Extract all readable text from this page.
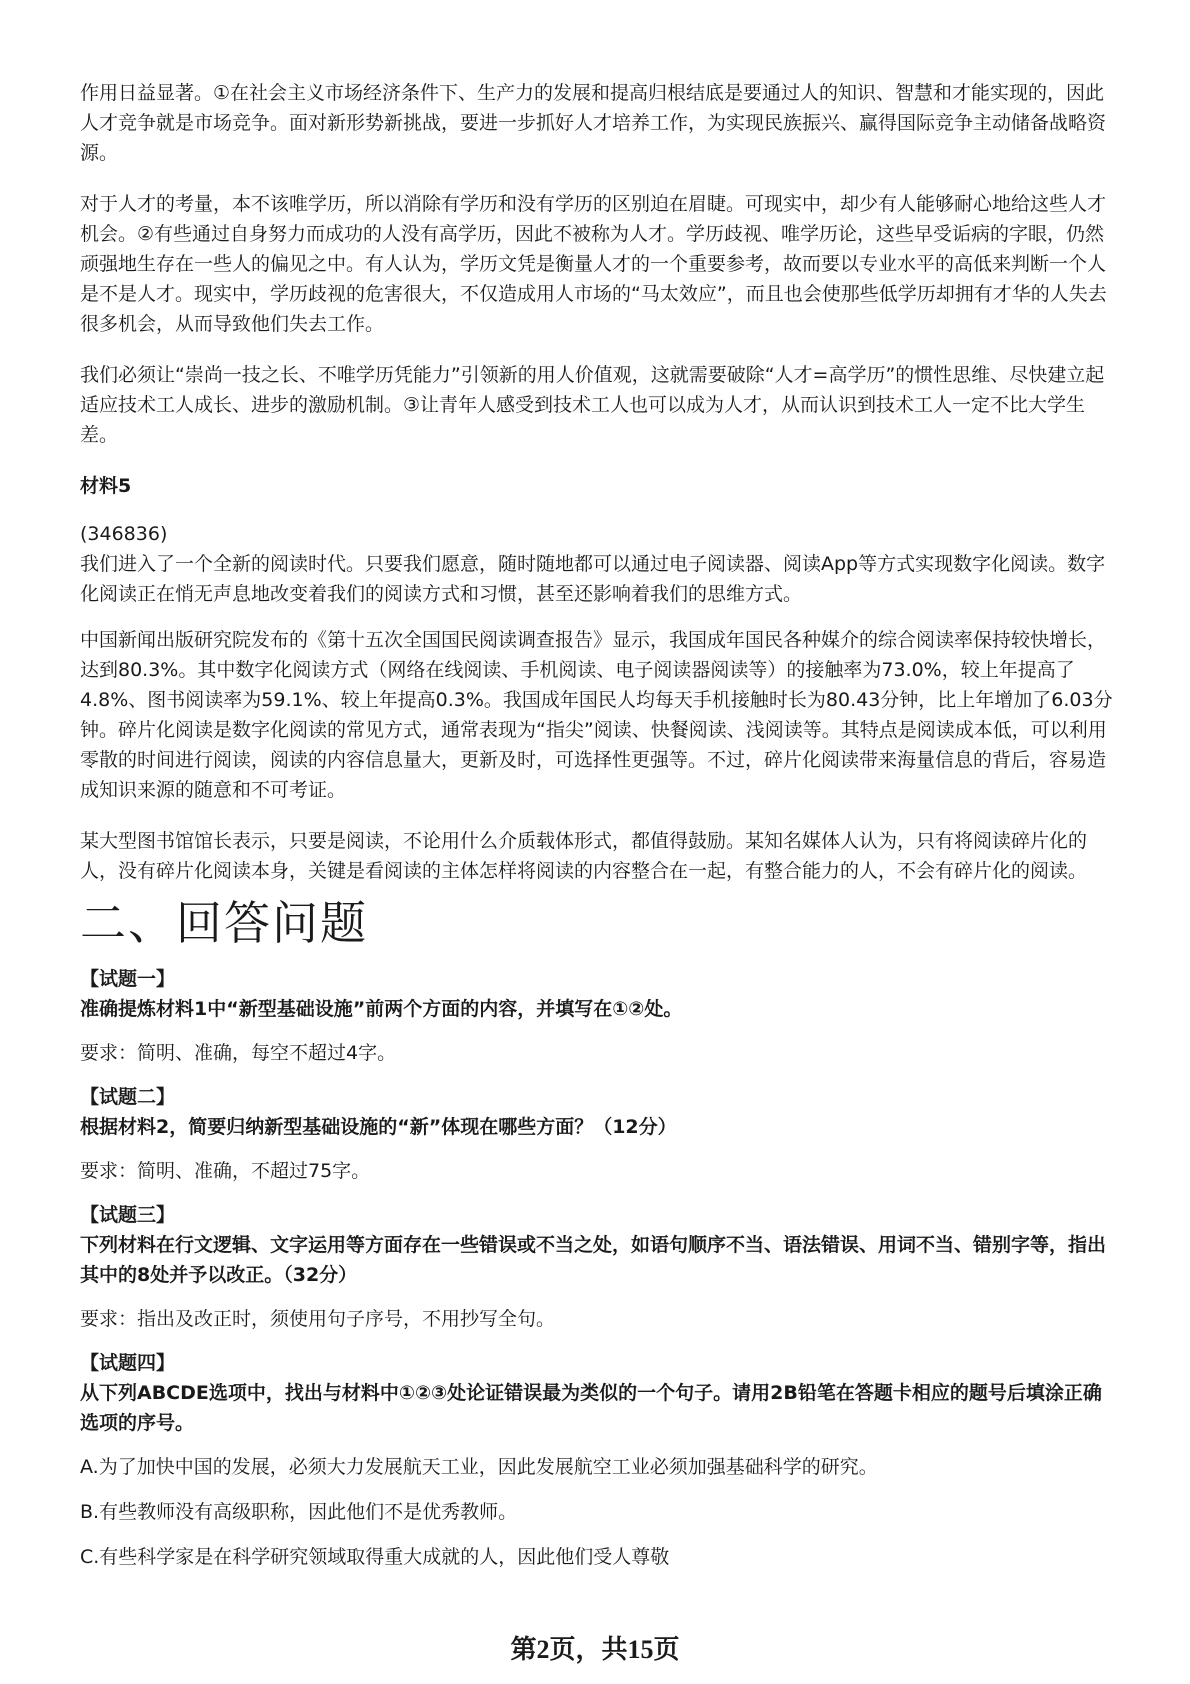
作用日益显著。①在社会主义市场经济条件下、生产力的发展和提高归根结底是要通过人的知识、智慧和才能实现的，因此人才竞争就是市场竞争。面对新形势新挑战，要进一步抓好人才培养工作，为实现民族振兴、赢得国际竞争主动储备战略资源。

对于人才的考量，本不该唯学历，所以消除有学历和没有学历的区别迫在眉睫。可现实中，却少有人能够耐心地给这些人才机会。②有些通过自身努力而成功的人没有高学历，因此不被称为人才。学历歧视、唯学历论，这些早受诟病的字眼，仍然顽强地生存在一些人的偏见之中。有人认为，学历文凭是衡量人才的一个重要参考，故而要以专业水平的高低来判断一个人是不是人才。现实中，学历歧视的危害很大，不仅造成用人市场的“马太效应”，而且也会使那些低学历却拥有才华的人失去很多机会，从而导致他们失去工作。

我们必须让“崇尚一技之长、不唯学历凭能力”引领新的用人价值观，这就需要破除“人才=高学历”的惯性思维、尽快建立起适应技术工人成长、进步的激励机制。③让青年人感受到技术工人也可以成为人才，从而认识到技术工人一定不比大学生差。

材料5
(346836)

我们进入了一个全新的阅读时代。只要我们愿意，随时随地都可以通过电子阅读器、阅读App等方式实现数字化阅读。数字化阅读正在悄无声息地改变着我们的阅读方式和习惯，甚至还影响着我们的思维方式。

中国新闻出版研究院发布的《第十五次全国国民阅读调查报告》显示，我国成年国民各种媒介的综合阅读率保持较快增长，达到80.3%。其中数字化阅读方式（网络在线阅读、手机阅读、电子阅读器阅读等）的接触率为73.0%，较上年提高了4.8%、图书阅读率为59.1%、较上年提高0.3%。我国成年国民人均每天手机接触时长为80.43分钟，比上年增加了6.03分钟。碎片化阅读是数字化阅读的常见方式，通常表现为“指尖”阅读、快餐阅读、浅阅读等。其特点是阅读成本低，可以利用零散的时间进行阅读，阅读的内容信息量大，更新及时，可选择性更强等。不过，碎片化阅读带来海量信息的背后，容易造成知识来源的随意和不可考证。

某大型图书馆馆长表示，只要是阅读，不论用什么介质载体形式，都值得鼓励。某知名媒体人认为，只有将阅读碎片化的人，没有碎片化阅读本身，关键是看阅读的主体怎样将阅读的内容整合在一起，有整合能力的人，不会有碎片化的阅读。

二、回答问题
【试题一】
准确提炼材料1中“新型基础设施”前两个方面的内容，并填写在①②处。
要求：简明、准确，每空不超过4字。
【试题二】
根据材料2，简要归纳新型基础设施的“新”体现在哪些方面？（12分）
要求：简明、准确，不超过75字。
【试题三】
下列材料在行文逻辑、文字运用等方面存在一些错误或不当之处，如语句顺序不当、语法错误、用词不当、错别字等，指出其中的8处并予以改正。（32分）
要求：指出及改正时，须使用句子序号，不用抄写全句。
【试题四】
从下列ABCDE选项中，找出与材料中①②③处论证错误最为类似的一个句子。请用2B铅笔在答题卡相应的题号后填涂正确选项的序号。
A.为了加快中国的发展，必须大力发展航天工业，因此发展航空工业必须加强基础科学的研究。
B.有些教师没有高级职称，因此他们不是优秀教师。
C.有些科学家是在科学研究领域取得重大成就的人，因此他们受人尊敬
第2页，共15页
